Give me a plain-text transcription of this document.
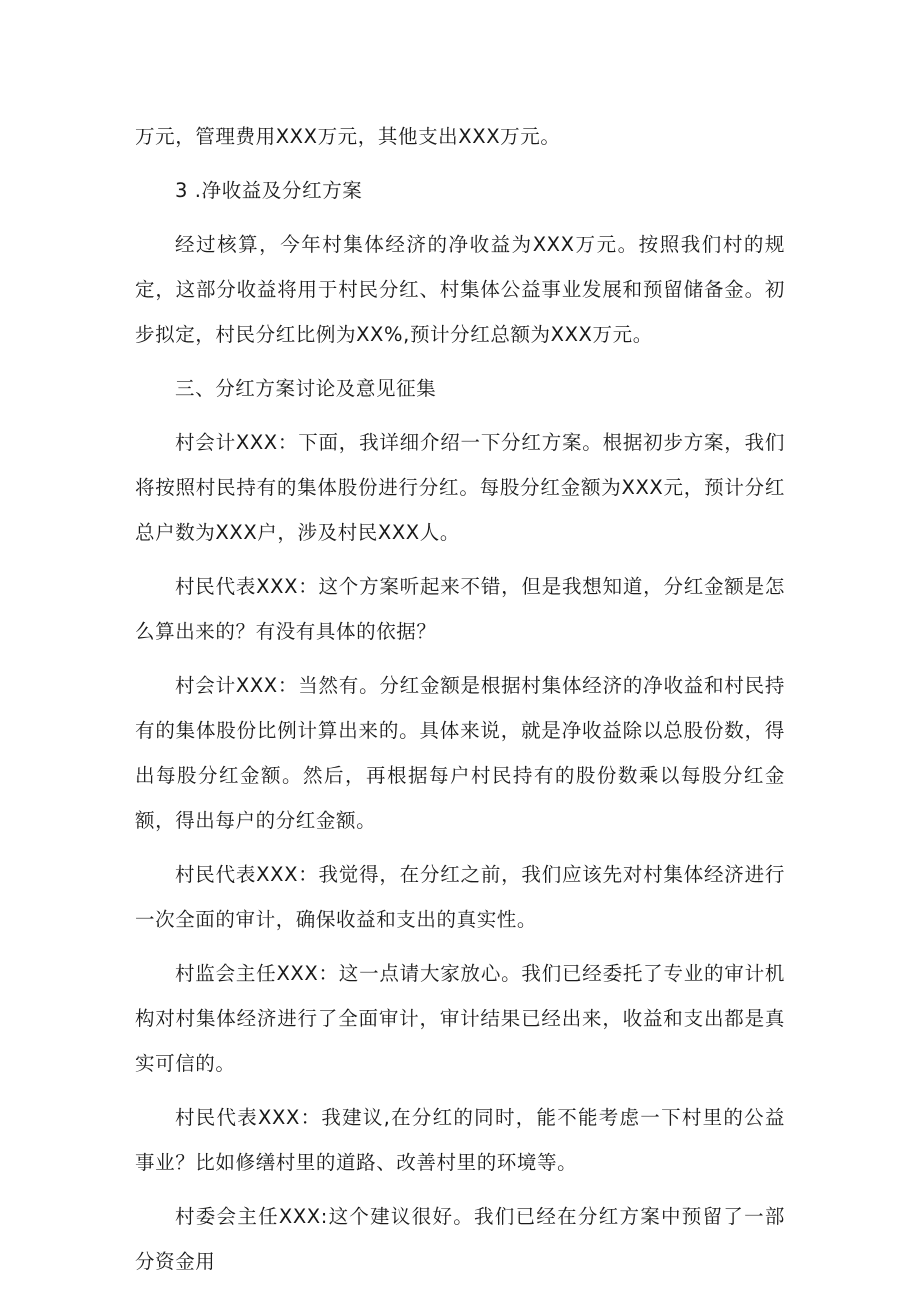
万元，管理费用XXX万元，其他支出XXX万元。

3 .净收益及分红方案

经过核算，今年村集体经济的净收益为XXX万元。按照我们村的规定，这部分收益将用于村民分红、村集体公益事业发展和预留储备金。初步拟定，村民分红比例为XX%,预计分红总额为XXX万元。

三、分红方案讨论及意见征集

村会计XXX：下面，我详细介绍一下分红方案。根据初步方案，我们将按照村民持有的集体股份进行分红。每股分红金额为XXX元，预计分红总户数为XXX户，涉及村民XXX人。

村民代表XXX：这个方案听起来不错，但是我想知道，分红金额是怎么算出来的？有没有具体的依据？

村会计XXX：当然有。分红金额是根据村集体经济的净收益和村民持有的集体股份比例计算出来的。具体来说，就是净收益除以总股份数，得出每股分红金额。然后，再根据每户村民持有的股份数乘以每股分红金额，得出每户的分红金额。

村民代表XXX：我觉得，在分红之前，我们应该先对村集体经济进行一次全面的审计，确保收益和支出的真实性。

村监会主任XXX：这一点请大家放心。我们已经委托了专业的审计机构对村集体经济进行了全面审计，审计结果已经出来，收益和支出都是真实可信的。

村民代表XXX：我建议,在分红的同时，能不能考虑一下村里的公益事业？比如修缮村里的道路、改善村里的环境等。

村委会主任XXX:这个建议很好。我们已经在分红方案中预留了一部分资金用
